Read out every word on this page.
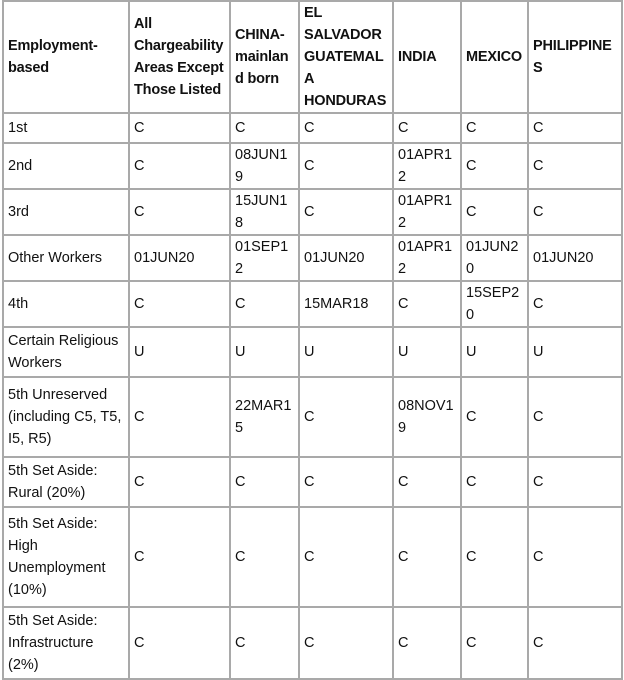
Employment-based	All Chargeability Areas Except Those Listed	CHINA-mainland born	EL SALVADOR GUATEMALA HONDURAS	INDIA	MEXICO	PHILIPPINES
1st	C	C	C	C	C	C
2nd	C	08JUN19	C	01APR12	C	C
3rd	C	15JUN18	C	01APR12	C	C
Other Workers	01JUN20	01SEP12	01JUN20	01APR12	01JUN20	01JUN20
4th	C	C	15MAR18	C	15SEP20	C
Certain Religious Workers	U	U	U	U	U	U
5th Unreserved (including C5, T5, I5, R5)	C	22MAR15	C	08NOV19	C	C
5th Set Aside: Rural (20%)	C	C	C	C	C	C
5th Set Aside: High Unemployment (10%)	C	C	C	C	C	C
5th Set Aside: Infrastructure (2%)	C	C	C	C	C	C
